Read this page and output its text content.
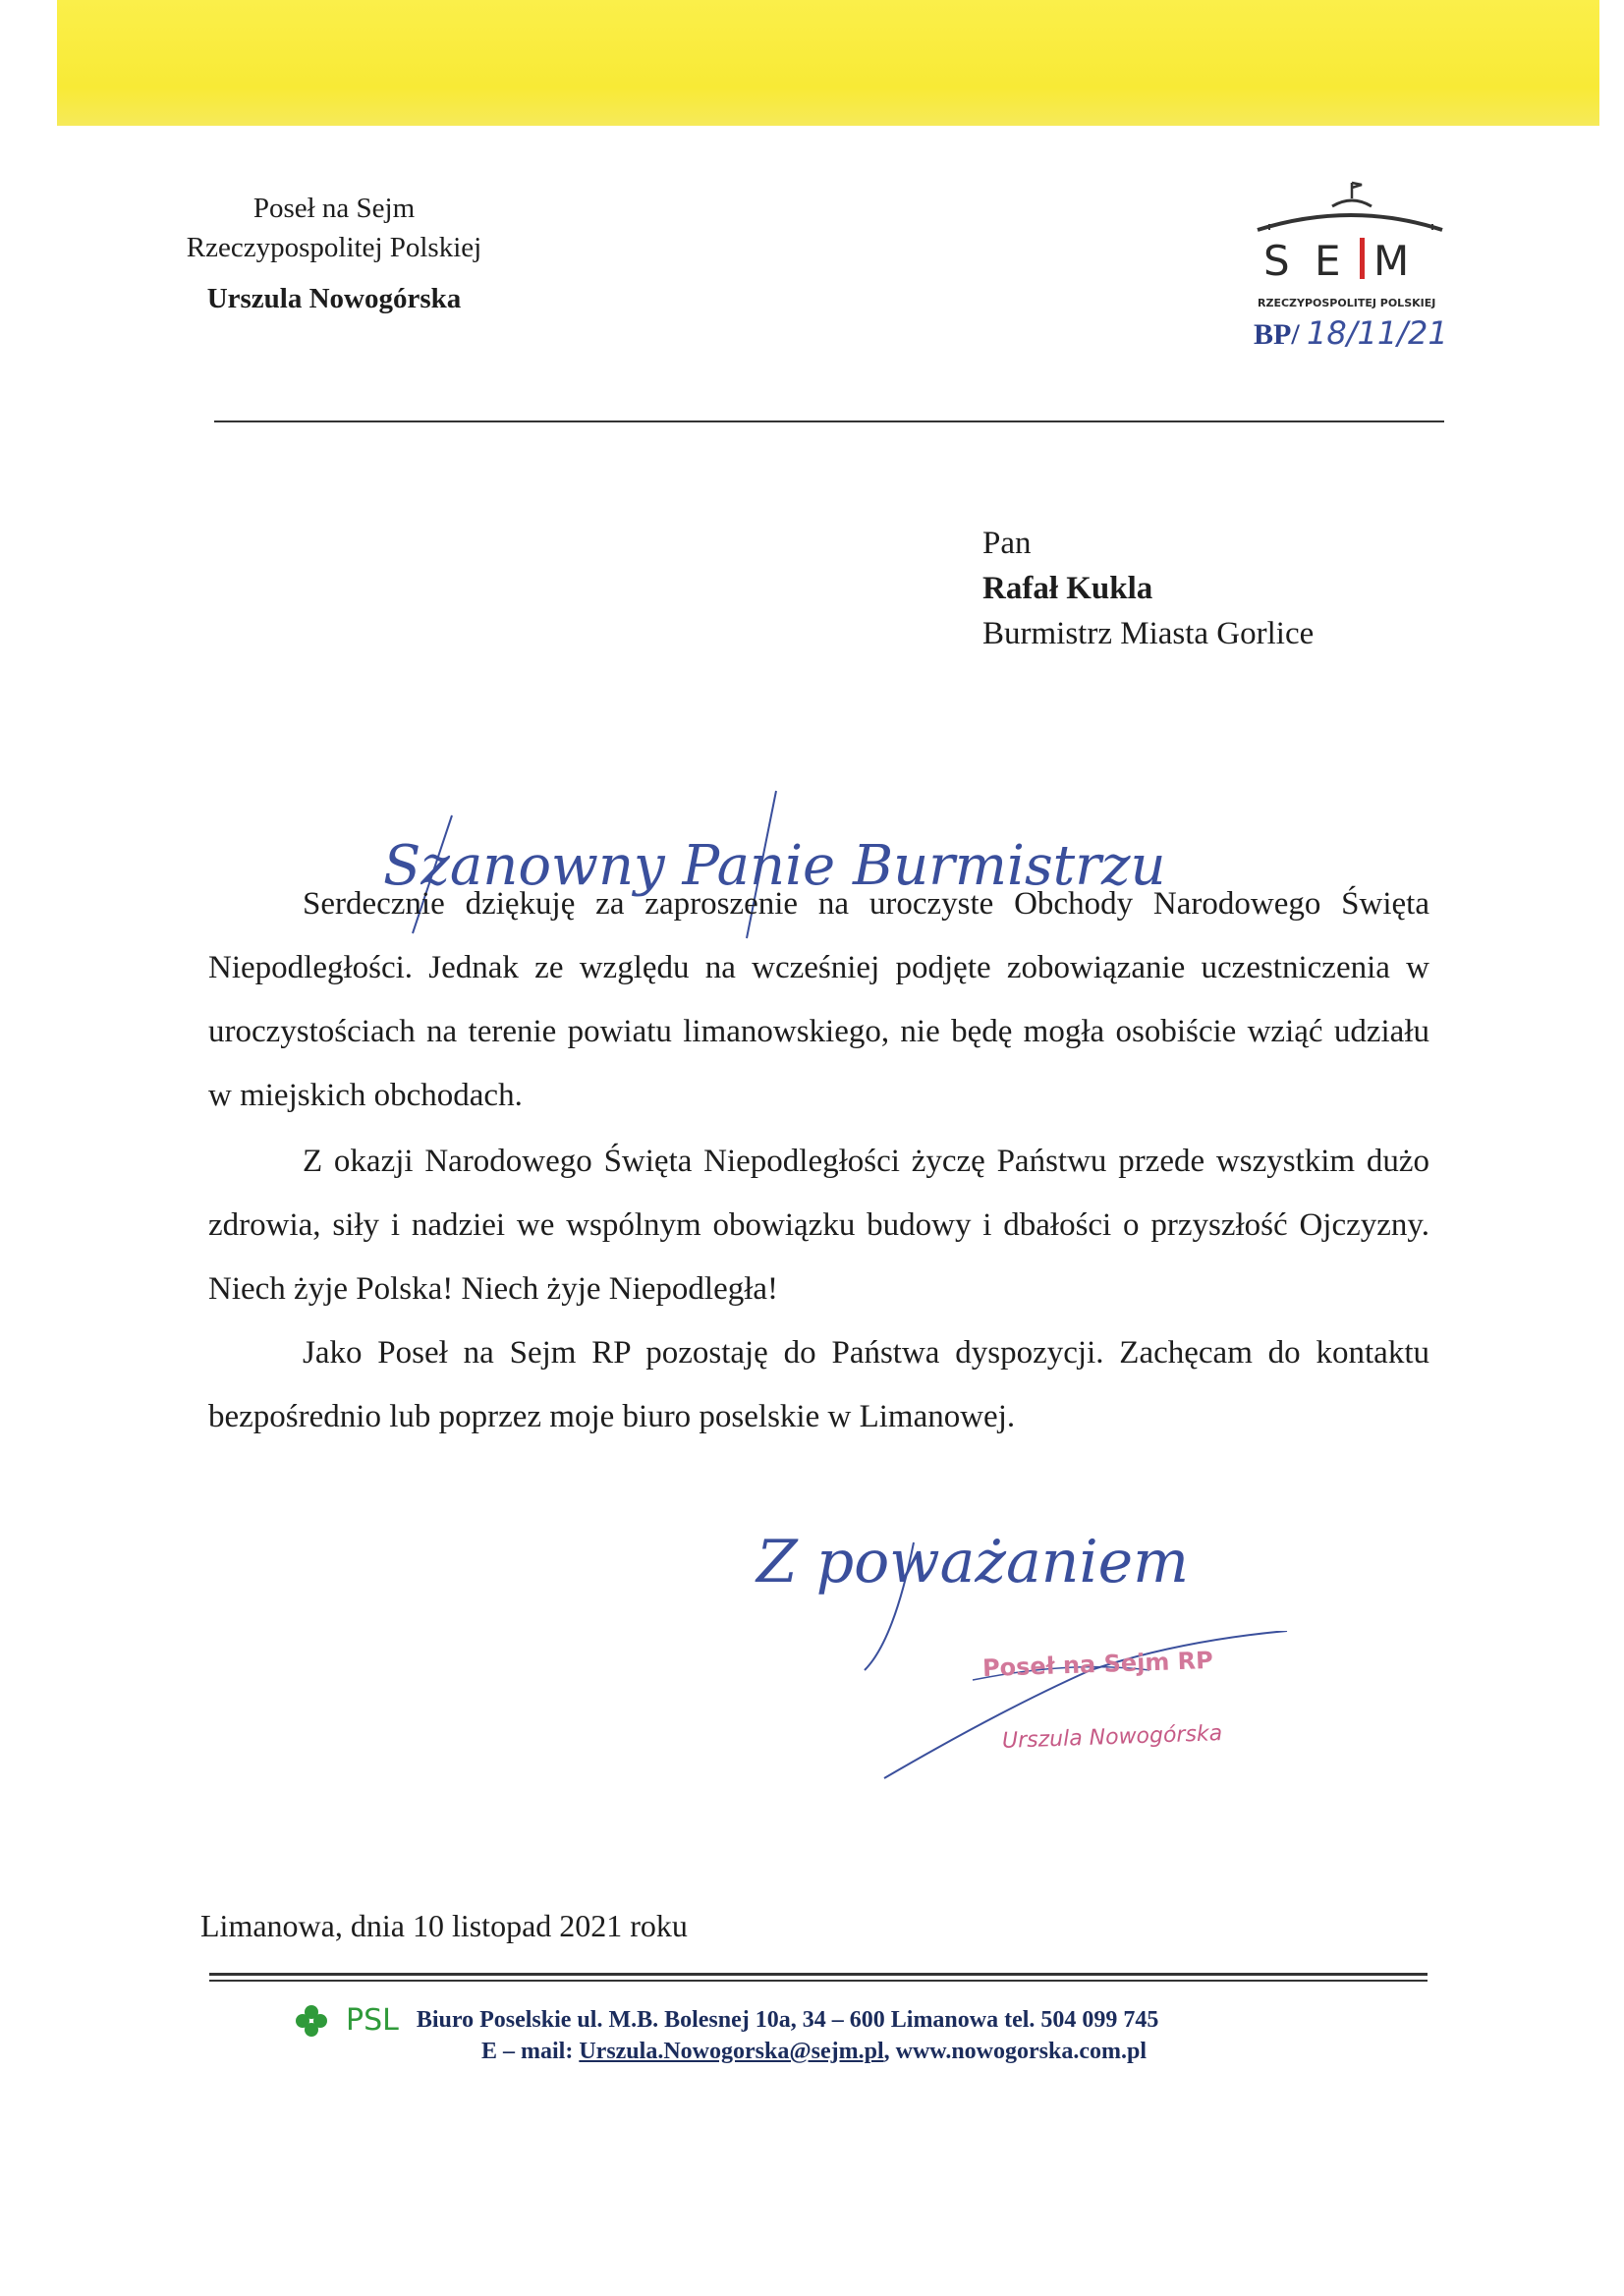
Poseł na Sejm
Rzeczypospolitej Polskiej
Urszula Nowogórska
S E M
RZECZYPOSPOLITEJ POLSKIEJ
BP/ 18/11/21
Pan
Rafał Kukla
Burmistrz Miasta Gorlice
Szanowny Panie Burmistrzu

Serdecznie dziękuję za zaproszenie na uroczyste Obchody Narodowego Święta Niepodległości. Jednak ze względu na wcześniej podjęte zobowiązanie uczestniczenia w uroczystościach na terenie powiatu limanowskiego, nie będę mogła osobiście wziąć udziału w miejskich obchodach.

Z okazji Narodowego Święta Niepodległości życzę Państwu przede wszystkim dużo zdrowia, siły i nadziei we wspólnym obowiązku budowy i dbałości o przyszłość Ojczyzny. Niech żyje Polska! Niech żyje Niepodległa!

Jako Poseł na Sejm RP pozostaję do Państwa dyspozycji. Zachęcam do kontaktu bezpośrednio lub poprzez moje biuro poselskie w Limanowej.

Z poważaniem
Poseł na Sejm RP
Urszula Nowogórska
Limanowa, dnia 10 listopad 2021 roku
PSL Biuro Poselskie ul. M.B. Bolesnej 10a, 34 – 600 Limanowa tel. 504 099 745
E – mail: Urszula.Nowogorska@sejm.pl, www.nowogorska.com.pl
